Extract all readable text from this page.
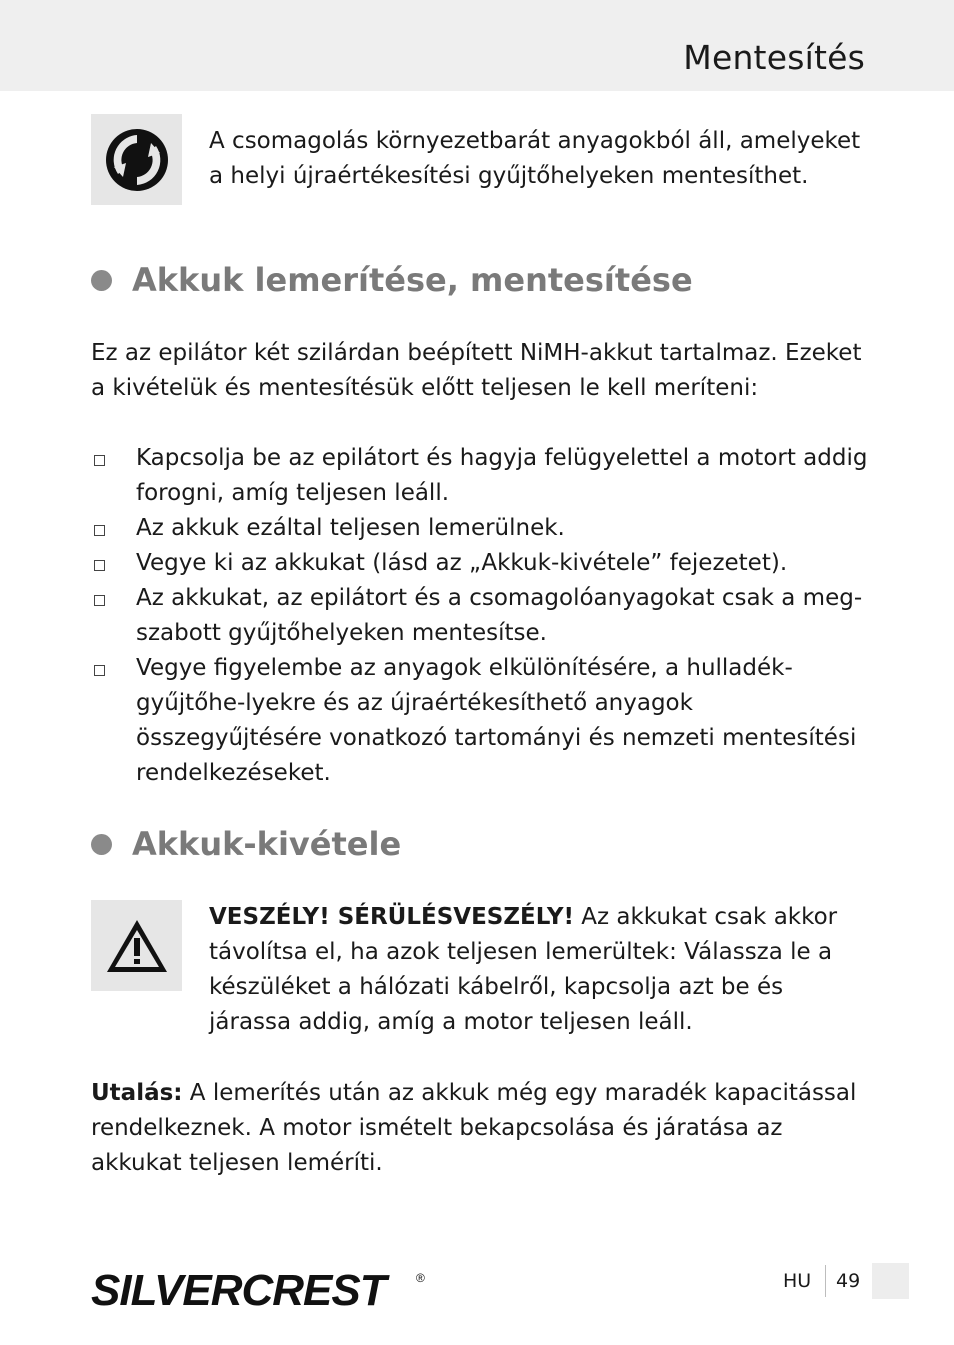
Mentesítés

A csomagolás környezetbarát anyagokból áll, amelyeket a helyi újraértékesítési gyűjtőhelyeken mentesíthet.

Akkuk lemerítése, mentesítése

Ez az epilátor két szilárdan beépített NiMH-akkut tartalmaz. Ezeket a kivételük és mentesítésük előtt teljesen le kell meríteni:

Kapcsolja be az epilátort és hagyja felügyelettel a motort addig forogni, amíg teljesen leáll.
Az akkuk ezáltal teljesen lemerülnek.
Vegye ki az akkukat (lásd az „Akkuk-kivétele” fejezetet).
Az akkukat, az epilátort és a csomagolóanyagokat csak a meg-szabott gyűjtőhelyeken mentesítse.
Vegye figyelembe az anyagok elkülönítésére, a hulladék-gyűjtőhe-lyekre és az újraértékesíthető anyagok összegyűjtésére vonatkozó tartományi és nemzeti mentesítési rendelkezéseket.
Akkuk-kivétele

VESZÉLY! SÉRÜLÉSVESZÉLY! Az akkukat csak akkor távolítsa el, ha azok teljesen lemerültek: Válassza le a készüléket a hálózati kábelről, kapcsolja azt be és járassa addig, amíg a motor teljesen leáll.

Utalás: A lemerítés után az akkuk még egy maradék kapacitással rendelkeznek. A motor ismételt bekapcsolása és járatása az akkukat teljesen leméríti.

SILVERCREST	®	HU 49
